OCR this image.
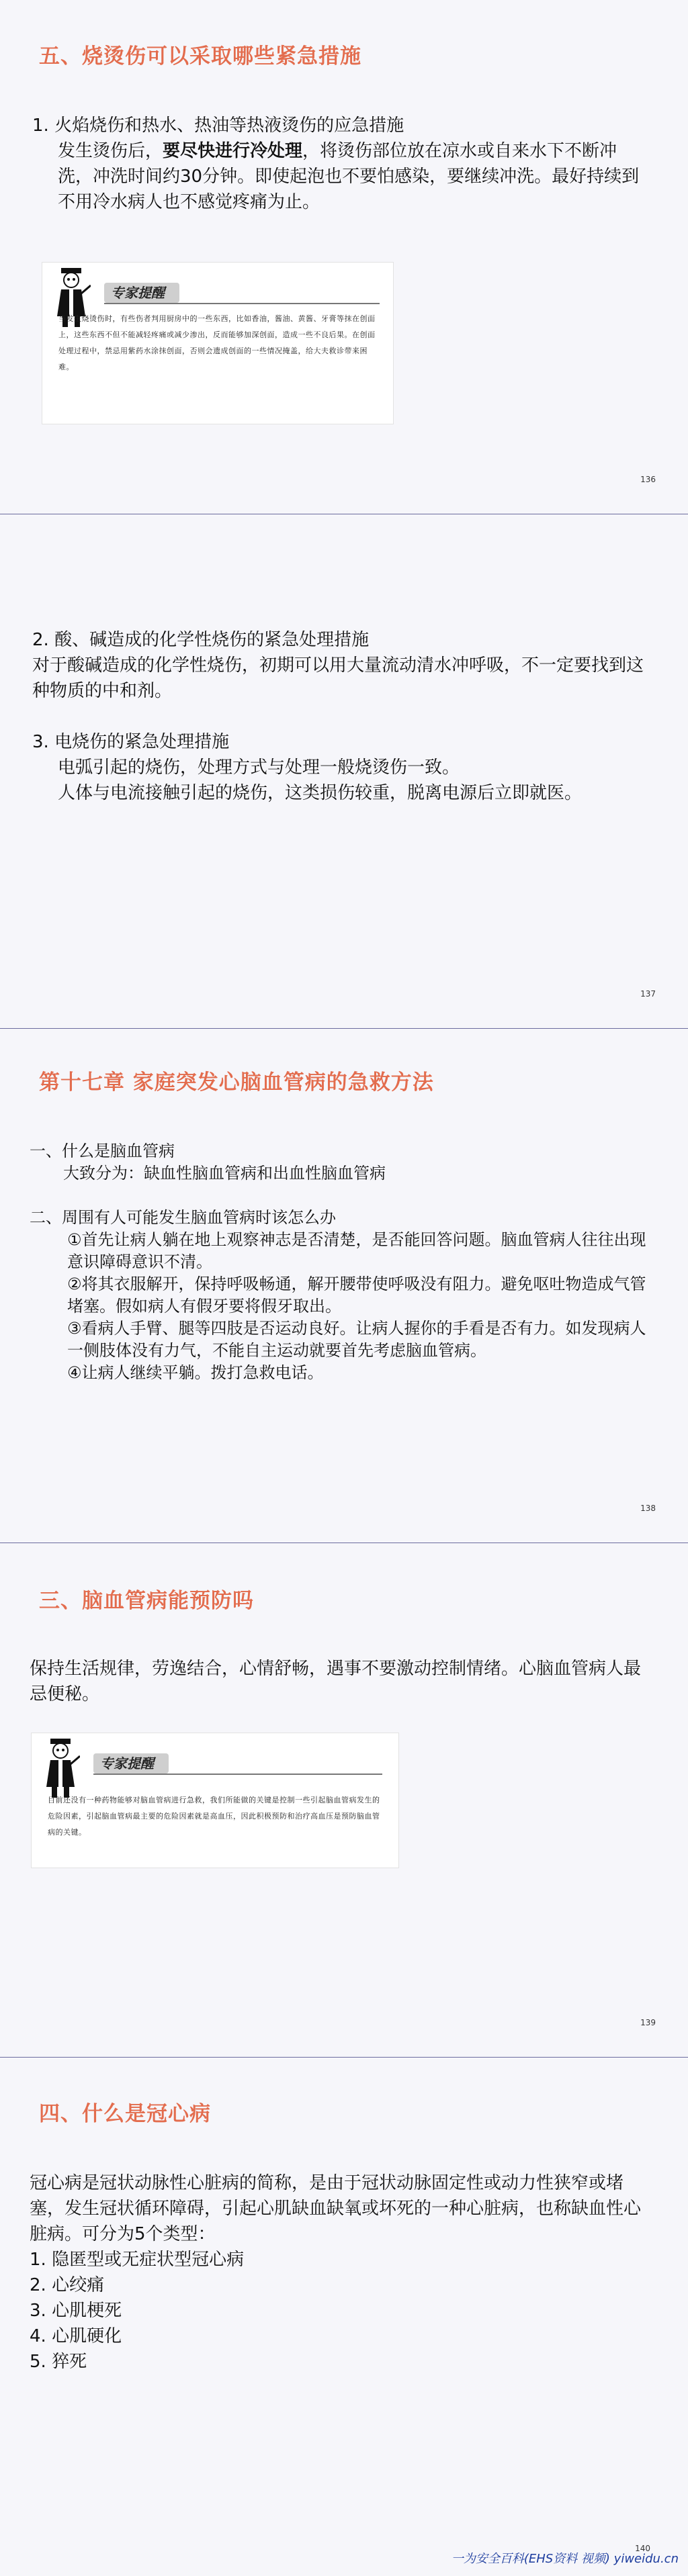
五、烧烫伤可以采取哪些紧急措施

1. 火焰烧伤和热水、热油等热液烫伤的应急措施

发生烫伤后，要尽快进行冷处理，将烫伤部位放在凉水或自来水下不断冲洗，冲洗时间约30分钟。即使起泡也不要怕感染，要继续冲洗。最好持续到不用冷水病人也不感觉疼痛为止。

专家提醒
当发生烧烫伤时，有些伤者判用厨房中的一些东西，比如香油，酱油、黄酱、牙膏等抹在创面上，这些东西不但不能减轻疼痛或减少渗出，反而能够加深创面，造成一些不良后果。在创面处理过程中，禁忌用紫药水涂抹创面，否则会遗成创面的一些情况掩盖，给大夫救诊带来困难。
136

2. 酸、碱造成的化学性烧伤的紧急处理措施

对于酸碱造成的化学性烧伤，初期可以用大量流动清水冲呼吸，不一定要找到这种物质的中和剂。

3. 电烧伤的紧急处理措施

电弧引起的烧伤，处理方式与处理一般烧烫伤一致。

人体与电流接触引起的烧伤，这类损伤较重，脱离电源后立即就医。

137
第十七章 家庭突发心脑血管病的急救方法

一、什么是脑血管病

大致分为：缺血性脑血管病和出血性脑血管病

二、周围有人可能发生脑血管病时该怎么办

①首先让病人躺在地上观察神志是否清楚，是否能回答问题。脑血管病人往往出现意识障碍意识不清。

②将其衣服解开，保持呼吸畅通，解开腰带使呼吸没有阻力。避免呕吐物造成气管堵塞。假如病人有假牙要将假牙取出。

③看病人手臂、腿等四肢是否运动良好。让病人握你的手看是否有力。如发现病人一侧肢体没有力气，不能自主运动就要首先考虑脑血管病。

④让病人继续平躺。拨打急救电话。

138
三、脑血管病能预防吗

保持生活规律，劳逸结合，心情舒畅，遇事不要激动控制情绪。心脑血管病人最忌便秘。

专家提醒
目前还没有一种药物能够对脑血管病进行急救，我们所能做的关键是控制一些引起脑血管病发生的危险因素，引起脑血管病最主要的危险因素就是高血压，因此积极预防和治疗高血压是预防脑血管病的关键。
139
四、什么是冠心病

冠心病是冠状动脉性心脏病的简称，是由于冠状动脉固定性或动力性狭窄或堵塞，发生冠状循环障碍，引起心肌缺血缺氧或坏死的一种心脏病，也称缺血性心脏病。可分为5个类型：

1. 隐匿型或无症状型冠心病

2. 心绞痛

3. 心肌梗死

4. 心肌硬化

5. 猝死

140
一为安全百科(EHS资料 视频) yiweidu.cn
